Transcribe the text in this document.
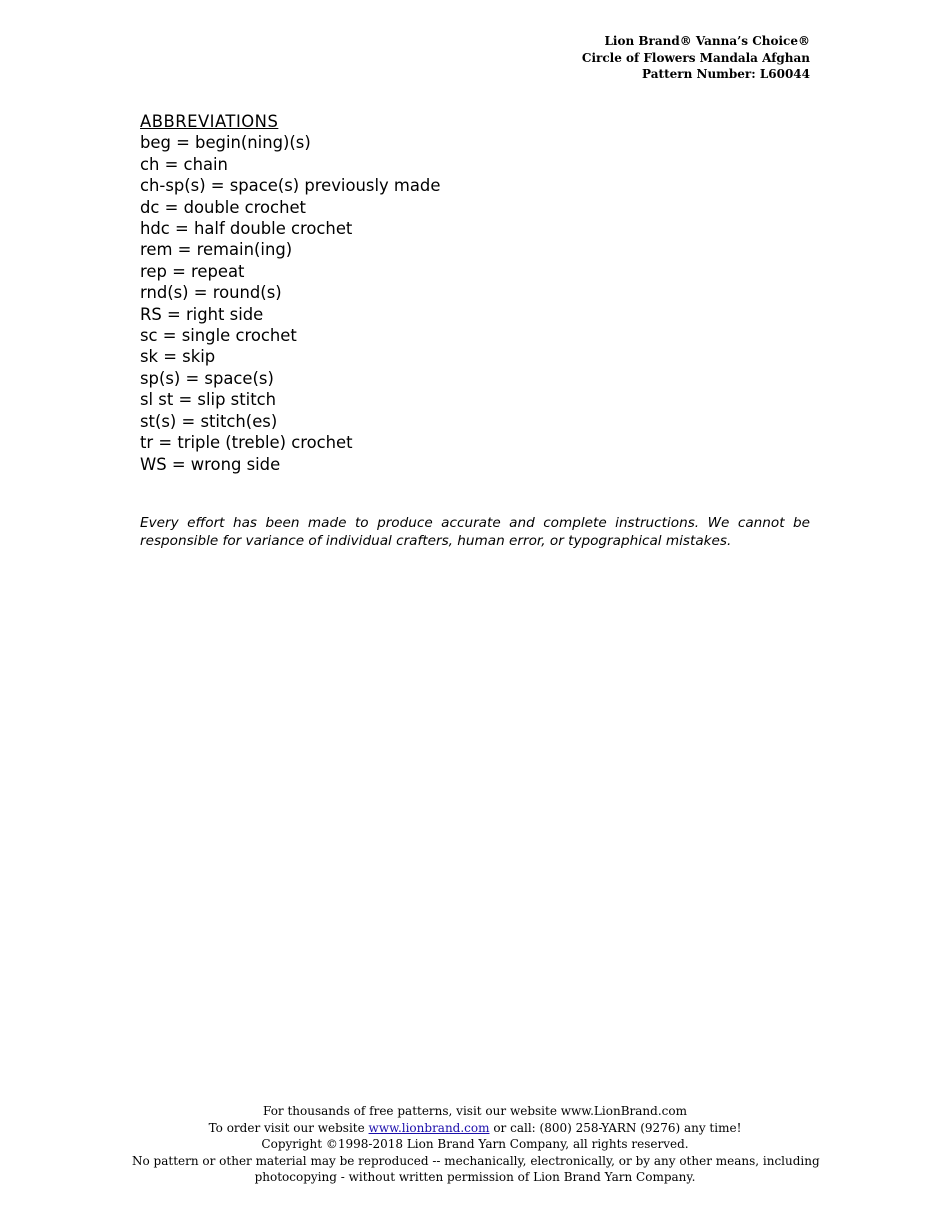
Lion Brand® Vanna’s Choice®
Circle of Flowers Mandala Afghan
Pattern Number: L60044
ABBREVIATIONS
beg = begin(ning)(s)
ch = chain
ch-sp(s) = space(s) previously made
dc = double crochet
hdc = half double crochet
rem = remain(ing)
rep = repeat
rnd(s) = round(s)
RS = right side
sc = single crochet
sk = skip
sp(s) = space(s)
sl st = slip stitch
st(s) = stitch(es)
tr = triple (treble) crochet
WS = wrong side
Every effort has been made to produce accurate and complete instructions. We cannot be responsible for variance of individual crafters, human error, or typographical mistakes.
For thousands of free patterns, visit our website www.LionBrand.com
To order visit our website www.lionbrand.com or call: (800) 258-YARN (9276) any time!
Copyright ©1998-2018 Lion Brand Yarn Company, all rights reserved.
No pattern or other material may be reproduced -- mechanically, electronically, or by any other means, including
photocopying - without written permission of Lion Brand Yarn Company.
